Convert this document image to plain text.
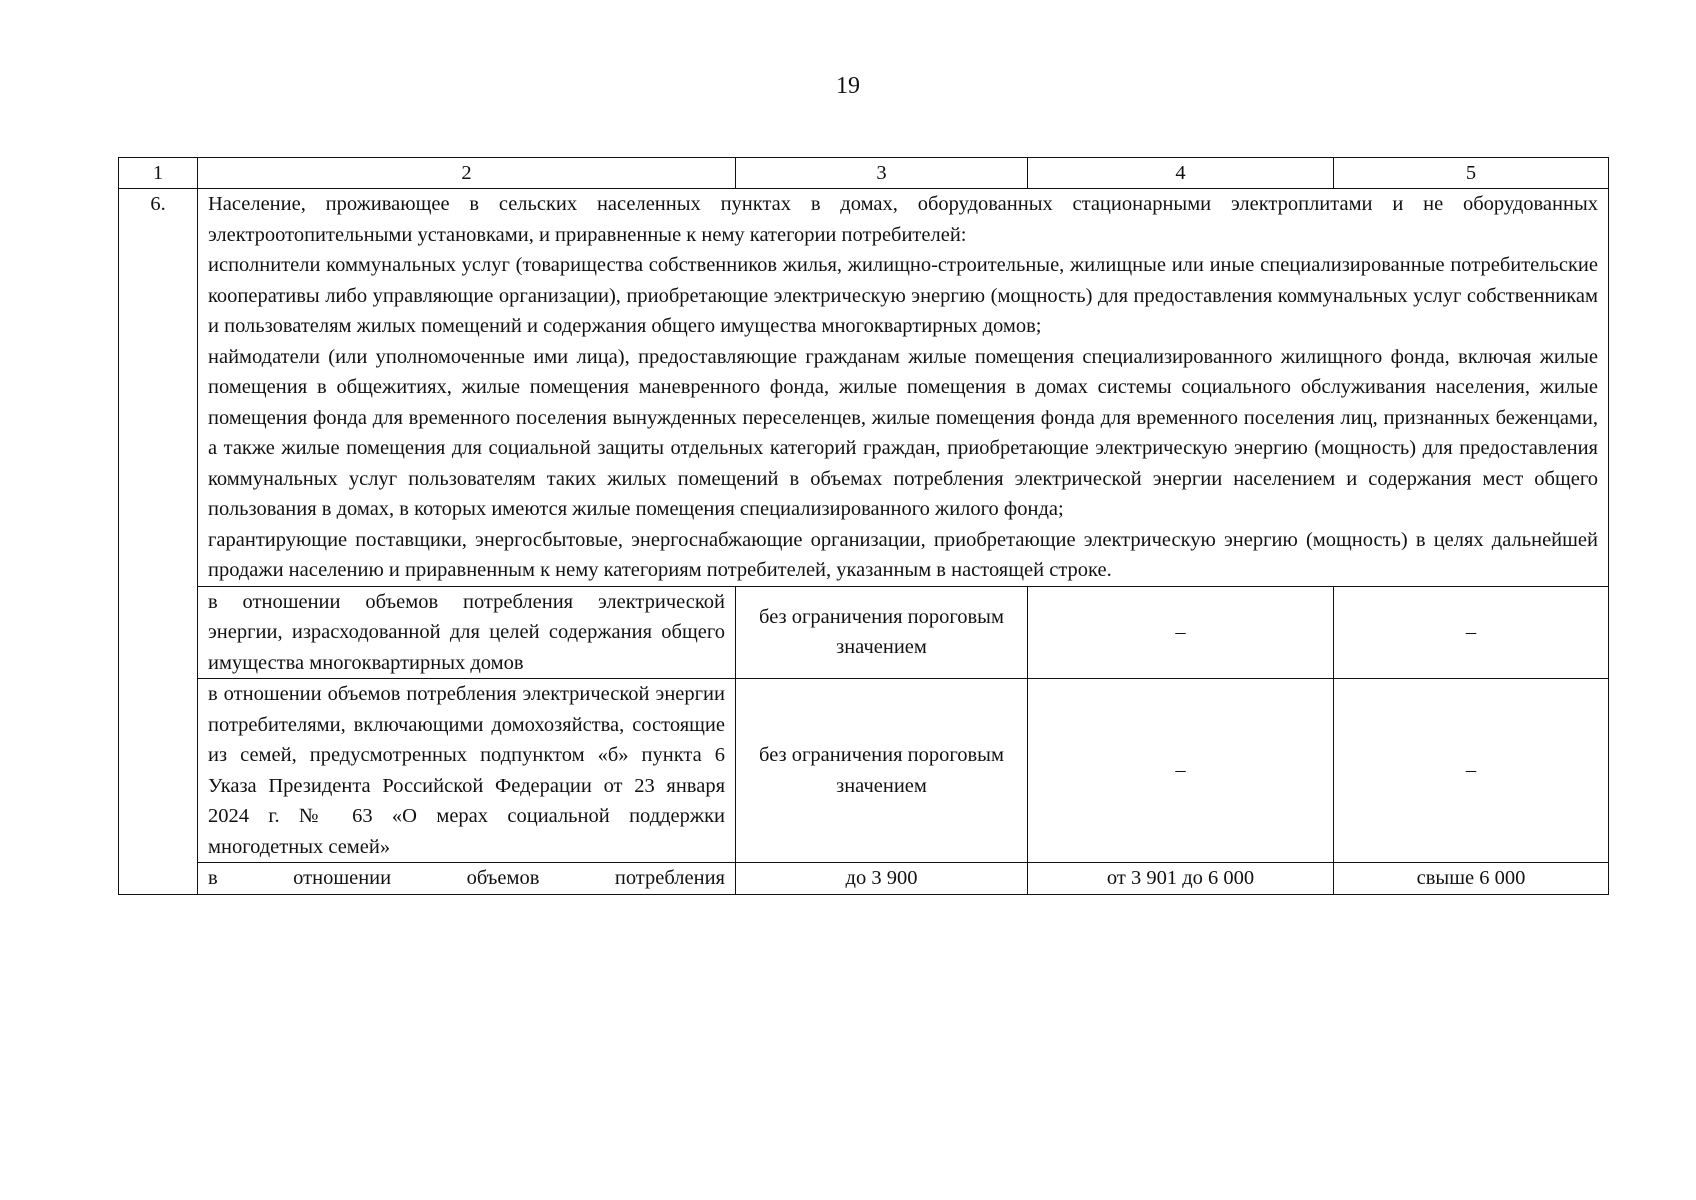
19
1	2	3	4	5
6.	Население, проживающее в сельских населенных пунктах в домах, оборудованных стационарными электроплитами и не оборудованных электроотопительными установками, и приравненные к нему категории потребителей:
исполнители коммунальных услуг (товарищества собственников жилья, жилищно-строительные, жилищные или иные специализированные потребительские кооперативы либо управляющие организации), приобретающие электрическую энергию (мощность) для предоставления коммунальных услуг собственникам и пользователям жилых помещений и содержания общего имущества многоквартирных домов;
наймодатели (или уполномоченные ими лица), предоставляющие гражданам жилые помещения специализированного жилищного фонда, включая жилые помещения в общежитиях, жилые помещения маневренного фонда, жилые помещения в домах системы социального обслуживания населения, жилые помещения фонда для временного поселения вынужденных переселенцев, жилые помещения фонда для временного поселения лиц, признанных беженцами, а также жилые помещения для социальной защиты отдельных категорий граждан, приобретающие электрическую энергию (мощность) для предоставления коммунальных услуг пользователям таких жилых помещений в объемах потребления электрической энергии населением и содержания мест общего пользования в домах, в которых имеются жилые помещения специализированного жилого фонда;
гарантирующие поставщики, энергосбытовые, энергоснабжающие организации, приобретающие электрическую энергию (мощность) в целях дальнейшей продажи населению и приравненным к нему категориям потребителей, указанным в настоящей строке.			

	в отношении объемов потребления электрической энергии, израсходованной для целей содержания общего имущества многоквартирных домов	без ограничения пороговым значением	–	–
	в отношении объемов потребления электрической энергии потребителями, включающими домохозяйства, состоящие из семей, предусмотренных подпунктом «б» пункта 6 Указа Президента Российской Федерации от 23 января 2024 г. № 63 «О мерах социальной поддержки многодетных семей»	без ограничения пороговым значением	–	–
	в отношении объемов потребления	до 3 900	от 3 901 до 6 000	свыше 6 000
